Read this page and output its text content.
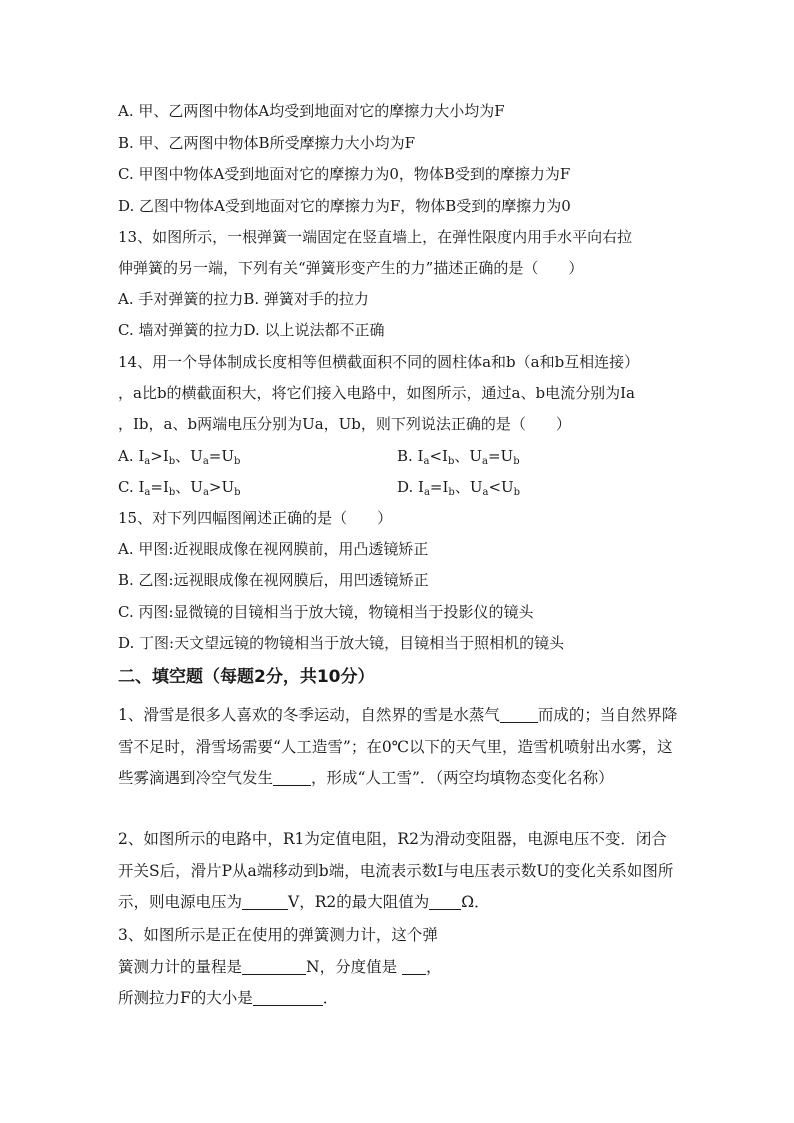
A. 甲、乙两图中物体A均受到地面对它的摩擦力大小均为F
B. 甲、乙两图中物体B所受摩擦力大小均为F
C. 甲图中物体A受到地面对它的摩擦力为0，物体B受到的摩擦力为F
D. 乙图中物体A受到地面对它的摩擦力为F，物体B受到的摩擦力为0
13、如图所示，一根弹簧一端固定在竖直墙上，在弹性限度内用手水平向右拉
伸弹簧的另一端，下列有关“弹簧形变产生的力”描述正确的是（　　）
A. 手对弹簧的拉力B. 弹簧对手的拉力
C. 墙对弹簧的拉力D. 以上说法都不正确
14、用一个导体制成长度相等但横截面积不同的圆柱体a和b（a和b互相连接）
，a比b的横截面积大，将它们接入电路中，如图所示，通过a、b电流分别为Ia
，Ib，a、b两端电压分别为Ua，Ub，则下列说法正确的是（　　）
A. $I_a>I_b$、$U_a=U_b$	B. $I_a<I_b$、$U_a=U_b$
C. $I_a=I_b$、$U_a>U_b$	D. $I_a=I_b$、$U_a<U_b$
15、对下列四幅图阐述正确的是（　　）
A. 甲图:近视眼成像在视网膜前，用凸透镜矫正
B. 乙图:远视眼成像在视网膜后，用凹透镜矫正
C. 丙图:显微镜的目镜相当于放大镜，物镜相当于投影仪的镜头
D. 丁图:天文望远镜的物镜相当于放大镜，目镜相当于照相机的镜头
二、填空题（每题2分，共10分）
1、滑雪是很多人喜欢的冬季运动，自然界的雪是水蒸气 而成的；当自然界降雪不足时，滑雪场需要“人工造雪”；在0℃以下的天气里，造雪机喷射出水雾，这些雾滴遇到冷空气发生 ，形成“人工雪”．（两空均填物态变化名称）
2、如图所示的电路中，R1为定值电阻，R2为滑动变阻器，电源电压不变．闭合开关S后，滑片P从a端移动到b端，电流表示数I与电压表示数U的变化关系如图所示，则电源电压为	V，R2的最大阻值为 Ω．
3、如图所示是正在使用的弹簧测力计，这个弹
簧测力计的量程是	N，分度值是 ，
所测拉力F的大小是	．
